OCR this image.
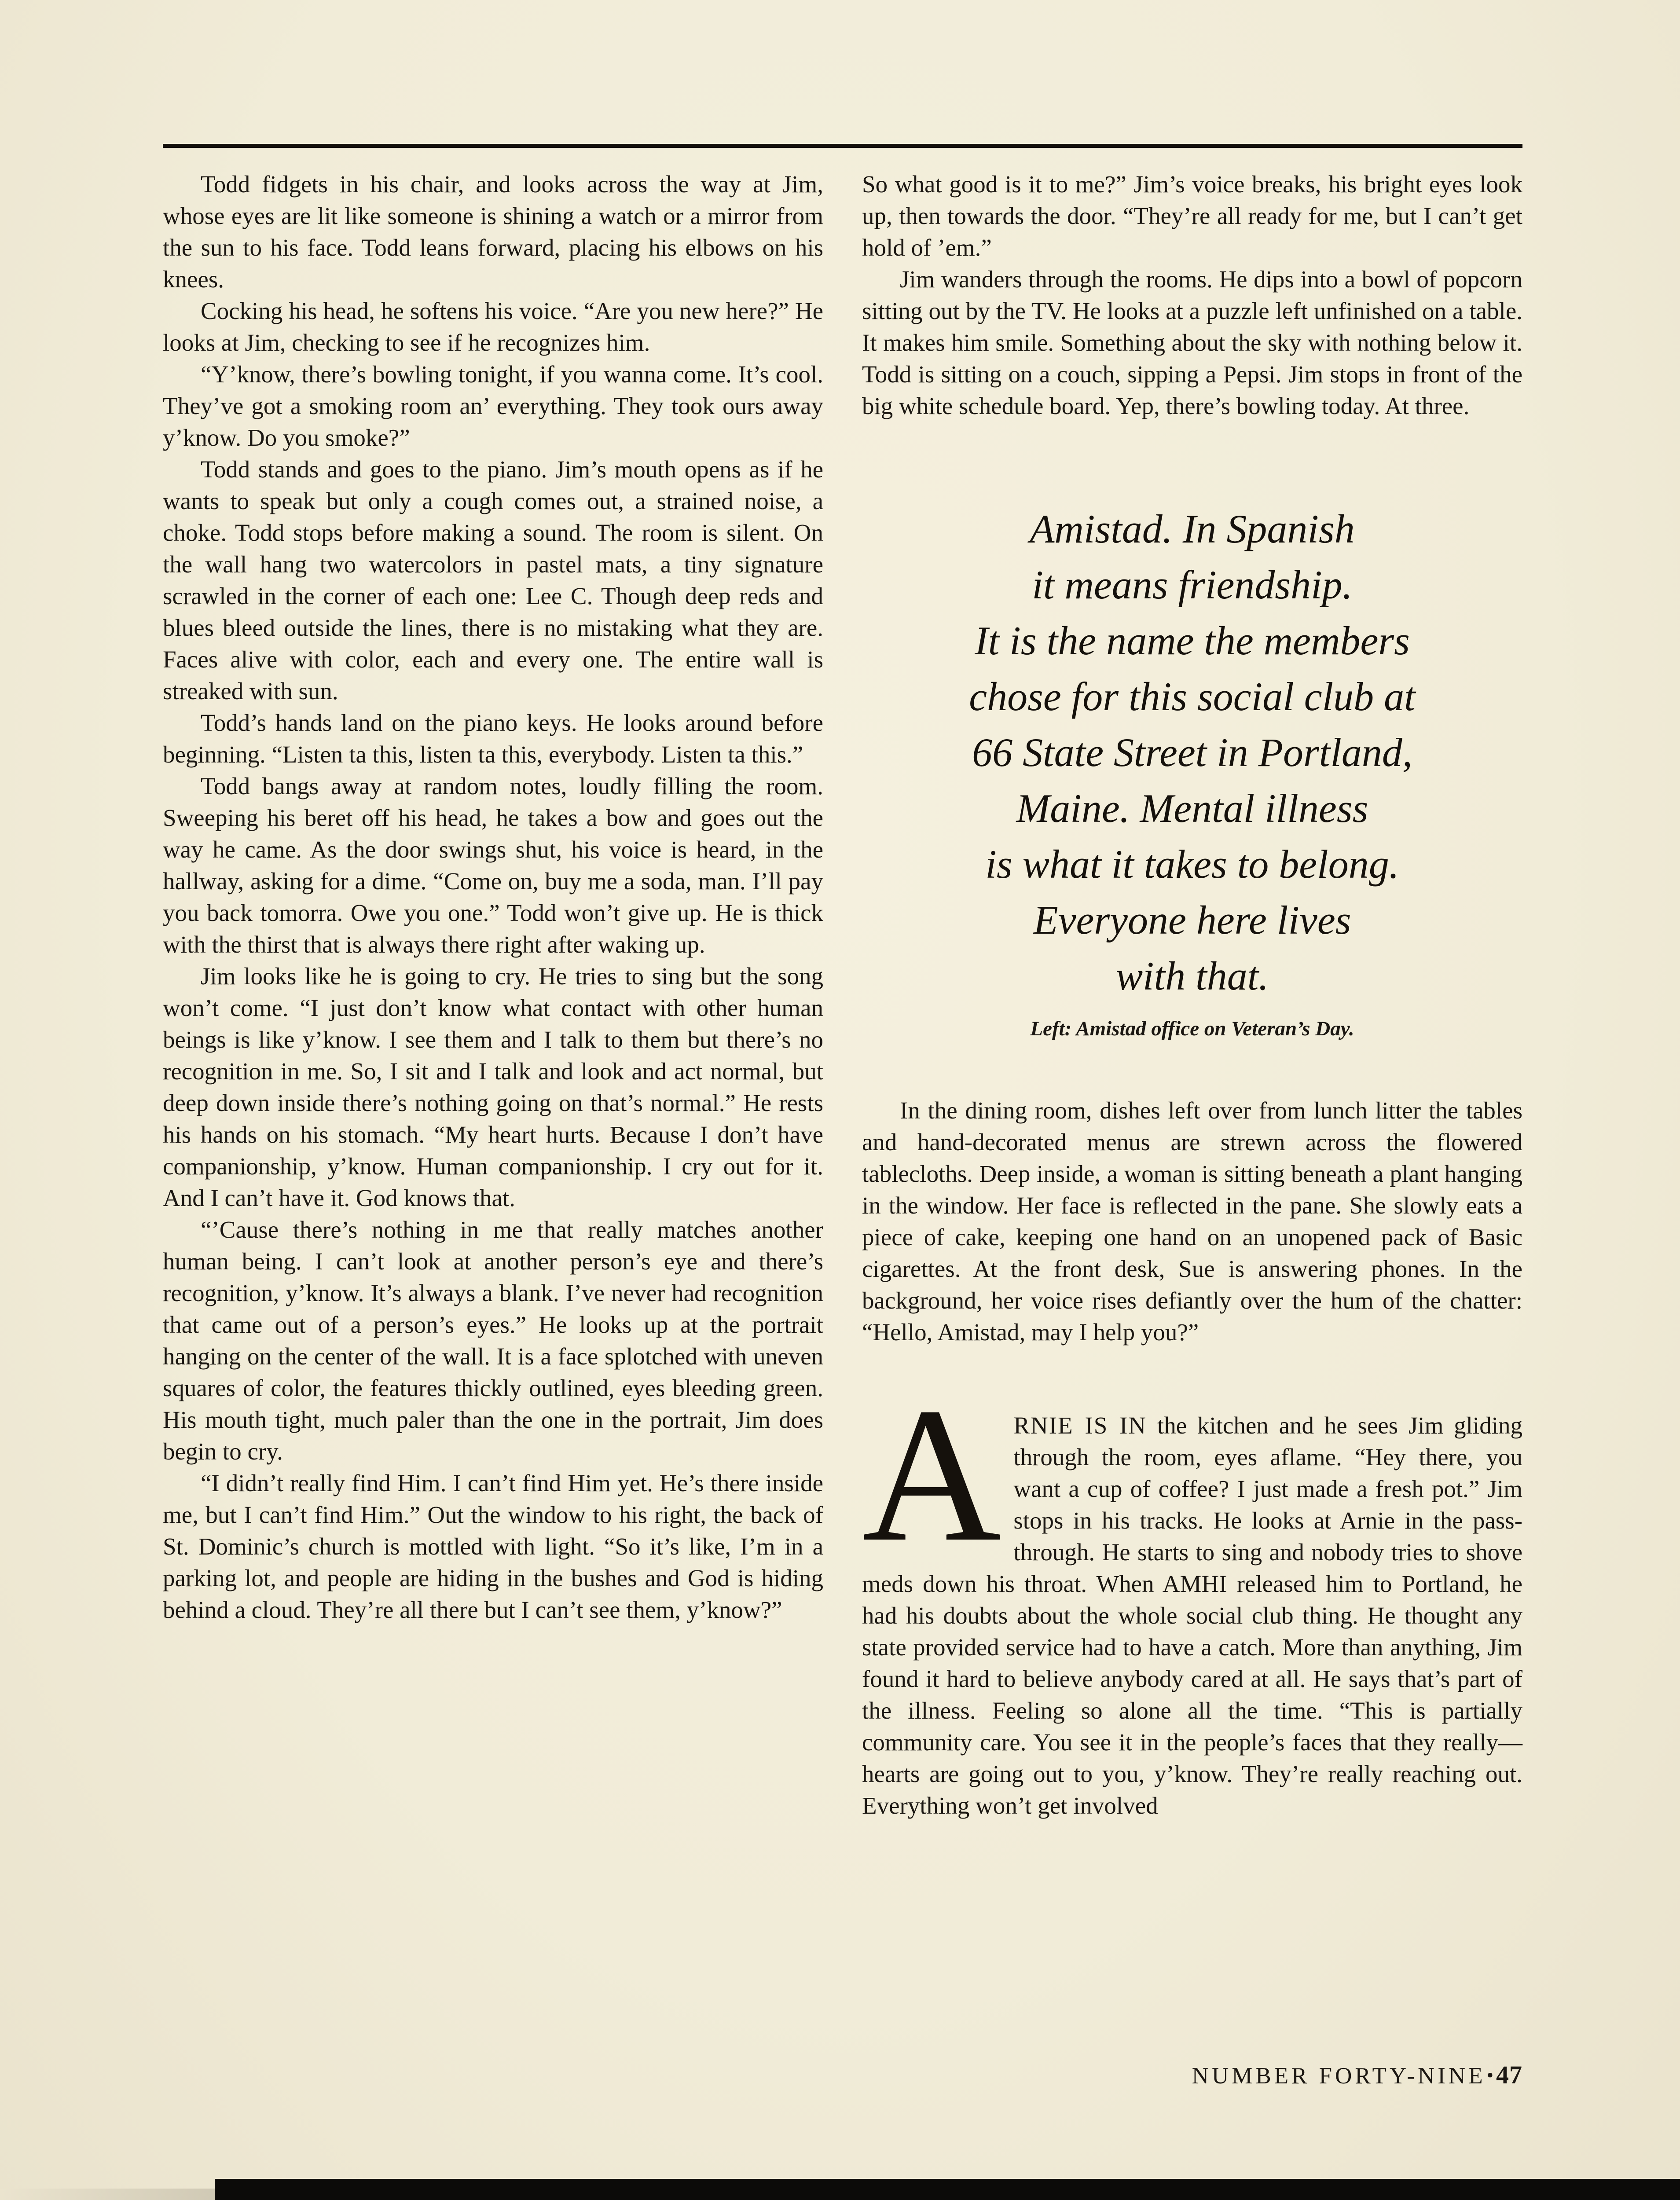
Todd fidgets in his chair, and looks across the way at Jim, whose eyes are lit like someone is shining a watch or a mirror from the sun to his face. Todd leans forward, placing his elbows on his knees.

Cocking his head, he softens his voice. “Are you new here?” He looks at Jim, checking to see if he recognizes him.

“Y’know, there’s bowling tonight, if you wanna come. It’s cool. They’ve got a smoking room an’ everything. They took ours away y’know. Do you smoke?”

Todd stands and goes to the piano. Jim’s mouth opens as if he wants to speak but only a cough comes out, a strained noise, a choke. Todd stops before making a sound. The room is silent. On the wall hang two watercolors in pastel mats, a tiny signature scrawled in the corner of each one: Lee C. Though deep reds and blues bleed outside the lines, there is no mistaking what they are. Faces alive with color, each and every one. The entire wall is streaked with sun.

Todd’s hands land on the piano keys. He looks around before beginning. “Listen ta this, listen ta this, everybody. Listen ta this.”

Todd bangs away at random notes, loudly filling the room. Sweeping his beret off his head, he takes a bow and goes out the way he came. As the door swings shut, his voice is heard, in the hallway, asking for a dime. “Come on, buy me a soda, man. I’ll pay you back tomorra. Owe you one.” Todd won’t give up. He is thick with the thirst that is always there right after waking up.

Jim looks like he is going to cry. He tries to sing but the song won’t come. “I just don’t know what contact with other human beings is like y’know. I see them and I talk to them but there’s no recognition in me. So, I sit and I talk and look and act normal, but deep down inside there’s nothing going on that’s normal.” He rests his hands on his stomach. “My heart hurts. Because I don’t have companionship, y’know. Human companionship. I cry out for it. And I can’t have it. God knows that.

“’Cause there’s nothing in me that really matches another human being. I can’t look at another person’s eye and there’s recognition, y’know. It’s always a blank. I’ve never had recognition that came out of a person’s eyes.” He looks up at the portrait hanging on the center of the wall. It is a face splotched with uneven squares of color, the features thickly outlined, eyes bleeding green. His mouth tight, much paler than the one in the portrait, Jim does begin to cry.

“I didn’t really find Him. I can’t find Him yet. He’s there inside me, but I can’t find Him.” Out the window to his right, the back of St. Dominic’s church is mottled with light. “So it’s like, I’m in a parking lot, and people are hiding in the bushes and God is hiding behind a cloud. They’re all there but I can’t see them, y’know?”

So what good is it to me?” Jim’s voice breaks, his bright eyes look up, then towards the door. “They’re all ready for me, but I can’t get hold of ’em.”

Jim wanders through the rooms. He dips into a bowl of popcorn sitting out by the TV. He looks at a puzzle left unfinished on a table. It makes him smile. Something about the sky with nothing below it. Todd is sitting on a couch, sipping a Pepsi. Jim stops in front of the big white schedule board. Yep, there’s bowling today. At three.

Amistad. In Spanish
it means friendship.
It is the name the members
chose for this social club at
66 State Street in Portland,
Maine. Mental illness
is what it takes to belong.
Everyone here lives
with that.
Left: Amistad office on Veteran’s Day.

In the dining room, dishes left over from lunch litter the tables and hand-decorated menus are strewn across the flowered tablecloths. Deep inside, a woman is sitting beneath a plant hanging in the window. Her face is reflected in the pane. She slowly eats a piece of cake, keeping one hand on an unopened pack of Basic cigarettes. At the front desk, Sue is answering phones. In the background, her voice rises defiantly over the hum of the chatter: “Hello, Amistad, may I help you?”

ARNIE IS IN the kitchen and he sees Jim gliding through the room, eyes aflame. “Hey there, you want a cup of coffee? I just made a fresh pot.” Jim stops in his tracks. He looks at Arnie in the pass-through. He starts to sing and nobody tries to shove meds down his throat. When AMHI released him to Portland, he had his doubts about the whole social club thing. He thought any state provided service had to have a catch. More than anything, Jim found it hard to believe anybody cared at all. He says that’s part of the illness. Feeling so alone all the time. “This is partially community care. You see it in the people’s faces that they really—hearts are going out to you, y’know. They’re really reaching out. Everything won’t get involved

NUMBER FORTY-NINE• 47
